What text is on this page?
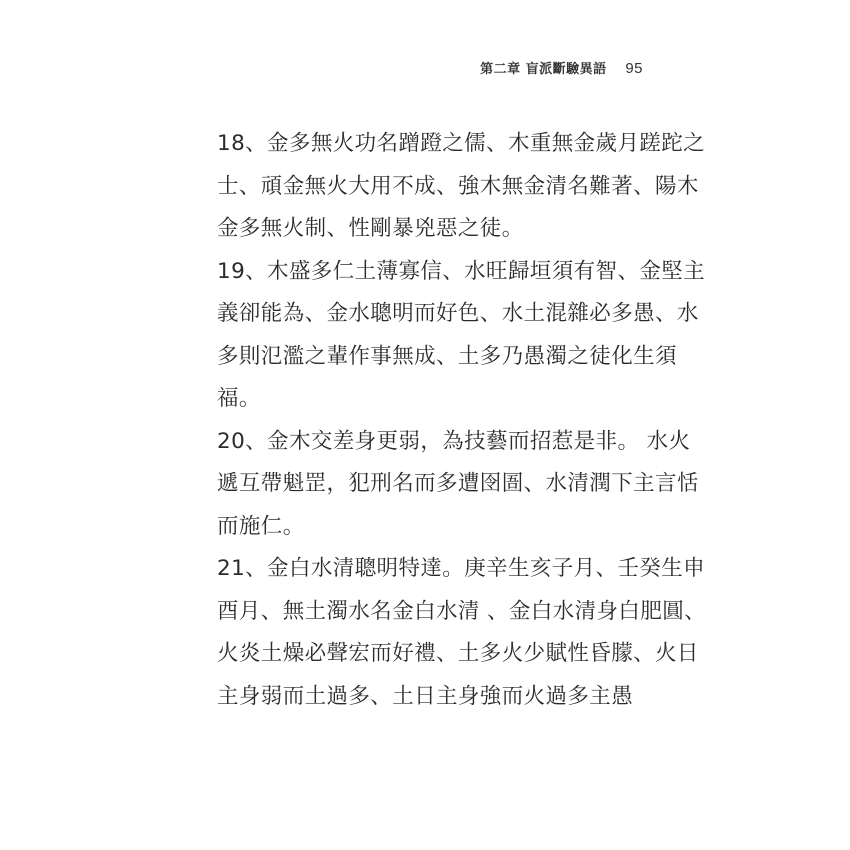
第二章 盲派斷驗異語 95
18、金多無火功名蹭蹬之儒、木重無金歲月蹉跎之
士、頑金無火大用不成、強木無金清名難著、陽木
金多無火制、性剛暴兇惡之徒。
19、木盛多仁土薄寡信、水旺歸垣須有智、金堅主
義卻能為、金水聰明而好色、水土混雜必多愚、水
多則氾濫之輩作事無成、土多乃愚濁之徒化生須
福。
20、金木交差身更弱，為技藝而招惹是非。 水火
遞互帶魁罡，犯刑名而多遭囹圄、水清潤下主言恬
而施仁。
21、金白水清聰明特達。庚辛生亥子月、壬癸生申
酉月、無土濁水名金白水清 、金白水清身白肥圓、
火炎土燥必聲宏而好禮、土多火少賦性昏朦、火日
主身弱而土過多、土日主身強而火過多主愚
